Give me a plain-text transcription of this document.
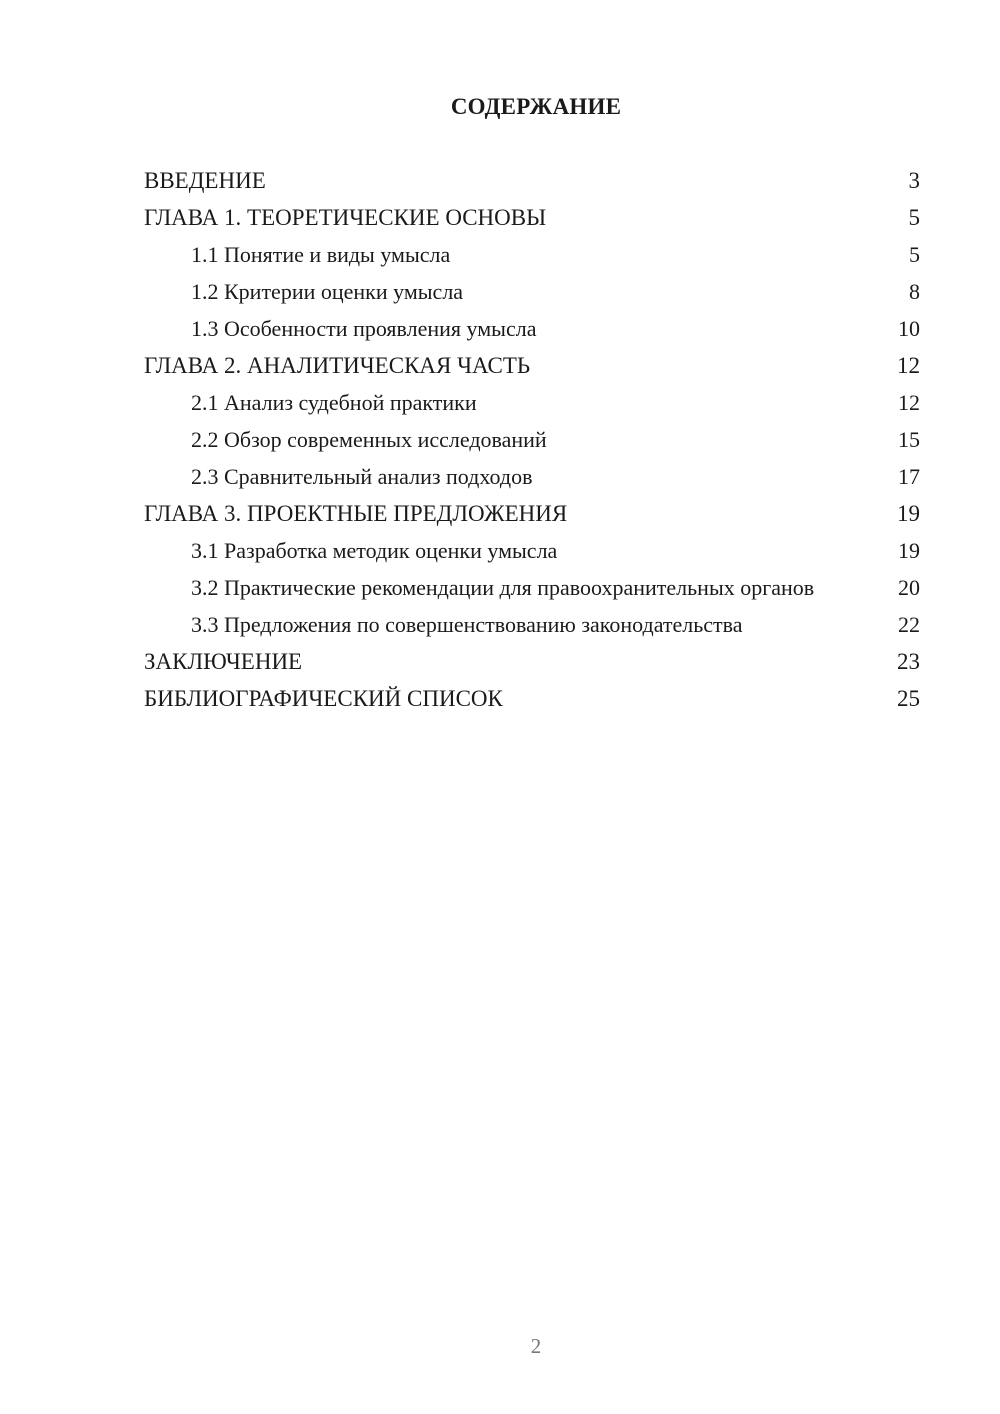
СОДЕРЖАНИЕ
ВВЕДЕНИЕ	3
ГЛАВА 1. ТЕОРЕТИЧЕСКИЕ ОСНОВЫ	5
1.1 Понятие и виды умысла	5
1.2 Критерии оценки умысла	8
1.3 Особенности проявления умысла	10
ГЛАВА 2. АНАЛИТИЧЕСКАЯ ЧАСТЬ	12
2.1 Анализ судебной практики	12
2.2 Обзор современных исследований	15
2.3 Сравнительный анализ подходов	17
ГЛАВА 3. ПРОЕКТНЫЕ ПРЕДЛОЖЕНИЯ	19
3.1 Разработка методик оценки умысла	19
3.2 Практические рекомендации для правоохранительных органов	20
3.3 Предложения по совершенствованию законодательства	22
ЗАКЛЮЧЕНИЕ	23
БИБЛИОГРАФИЧЕСКИЙ СПИСОК	25
2
